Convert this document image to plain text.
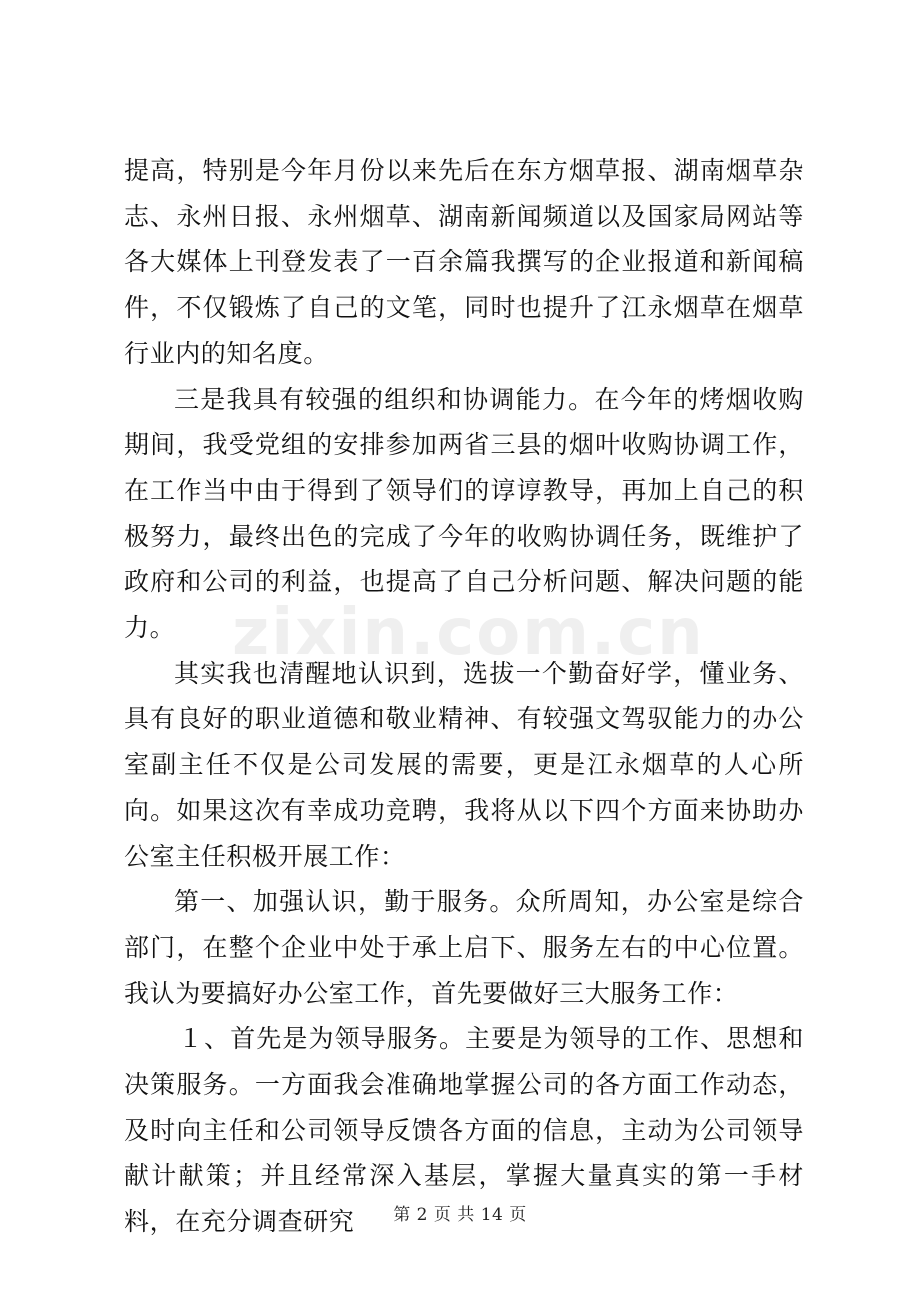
zixin.com.cn

提高，特别是今年月份以来先后在东方烟草报、湖南烟草杂志、永州日报、永州烟草、湖南新闻频道以及国家局网站等各大媒体上刊登发表了一百余篇我撰写的企业报道和新闻稿件，不仅锻炼了自己的文笔，同时也提升了江永烟草在烟草行业内的知名度。

三是我具有较强的组织和协调能力。在今年的烤烟收购期间，我受党组的安排参加两省三县的烟叶收购协调工作，在工作当中由于得到了领导们的谆谆教导，再加上自己的积极努力，最终出色的完成了今年的收购协调任务，既维护了政府和公司的利益，也提高了自己分析问题、解决问题的能力。

其实我也清醒地认识到，选拔一个勤奋好学，懂业务、具有良好的职业道德和敬业精神、有较强文驾驭能力的办公室副主任不仅是公司发展的需要，更是江永烟草的人心所向。如果这次有幸成功竞聘，我将从以下四个方面来协助办公室主任积极开展工作：

第一、加强认识，勤于服务。众所周知，办公室是综合部门，在整个企业中处于承上启下、服务左右的中心位置。我认为要搞好办公室工作，首先要做好三大服务工作：

１、首先是为领导服务。主要是为领导的工作、思想和决策服务。一方面我会准确地掌握公司的各方面工作动态，及时向主任和公司领导反馈各方面的信息，主动为公司领导献计献策；并且经常深入基层，掌握大量真实的第一手材料，在充分调查研究	第 2 页 共 14 页
